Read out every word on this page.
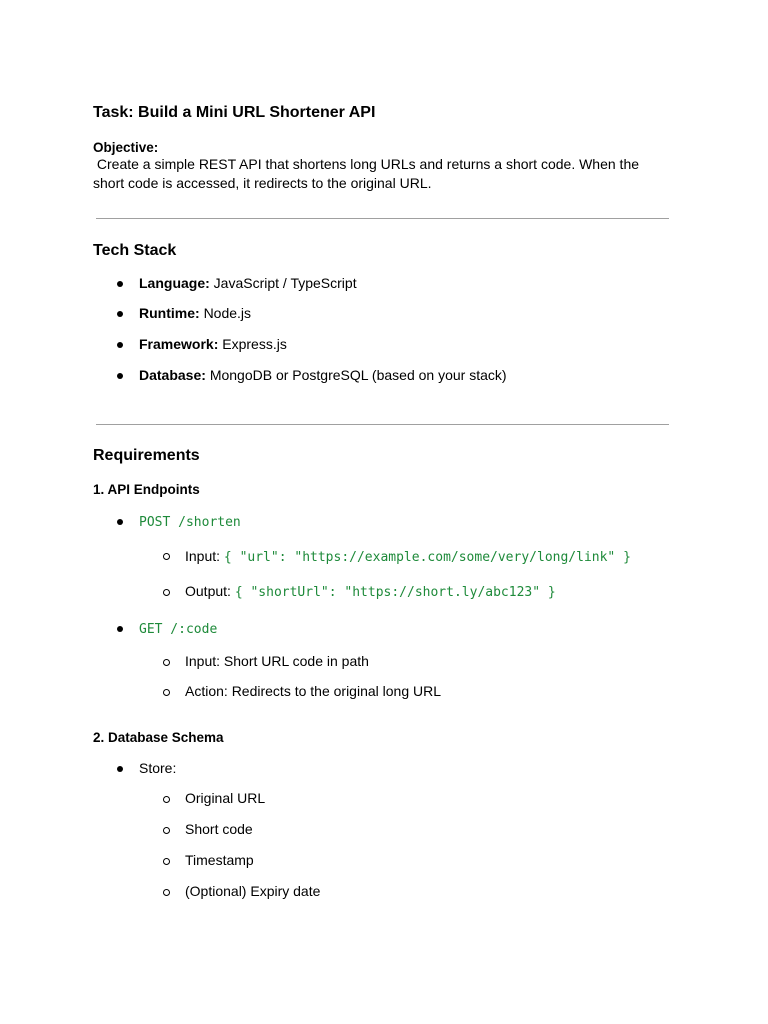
Task: Build a Mini URL Shortener API
Objective:
Create a simple REST API that shortens long URLs and returns a short code. When the short code is accessed, it redirects to the original URL.
Tech Stack
Language: JavaScript / TypeScript
Runtime: Node.js
Framework: Express.js
Database: MongoDB or PostgreSQL (based on your stack)
Requirements
1. API Endpoints
POST /shorten
Input: { "url": "https://example.com/some/very/long/link" }
Output: { "shortUrl": "https://short.ly/abc123" }
GET /:code
Input: Short URL code in path
Action: Redirects to the original long URL
2. Database Schema
Store:
Original URL
Short code
Timestamp
(Optional) Expiry date
